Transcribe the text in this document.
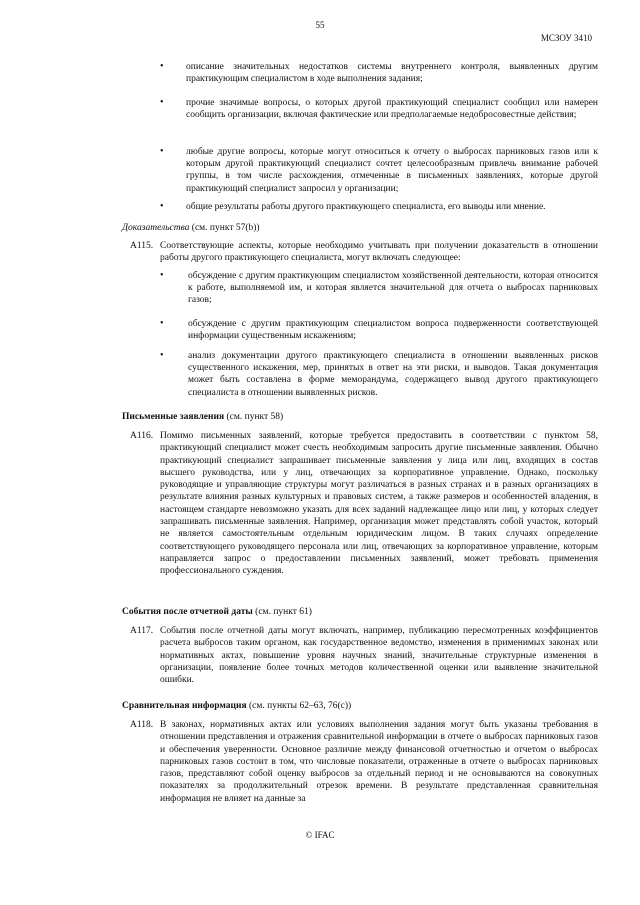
55
МСЗОУ 3410
• описание значительных недостатков системы внутреннего контроля, выявленных другим практикующим специалистом в ходе выполнения задания;
• прочие значимые вопросы, о которых другой практикующий специалист сообщил или намерен сообщить организации, включая фактические или предполагаемые недобросовестные действия;
• любые другие вопросы, которые могут относиться к отчету о выбросах парниковых газов или к которым другой практикующий специалист сочтет целесообразным привлечь внимание рабочей группы, в том числе расхождения, отмеченные в письменных заявлениях, которые другой практикующий специалист запросил у организации;
• общие результаты работы другого практикующего специалиста, его выводы или мнение.
Доказательства (см. пункт 57(b))
A115. Соответствующие аспекты, которые необходимо учитывать при получении доказательств в отношении работы другого практикующего специалиста, могут включать следующее:
• обсуждение с другим практикующим специалистом хозяйственной деятельности, которая относится к работе, выполняемой им, и которая является значительной для отчета о выбросах парниковых газов;
• обсуждение с другим практикующим специалистом вопроса подверженности соответствующей информации существенным искажениям;
• анализ документации другого практикующего специалиста в отношении выявленных рисков существенного искажения, мер, принятых в ответ на эти риски, и выводов. Такая документация может быть составлена в форме меморандума, содержащего вывод другого практикующего специалиста в отношении выявленных рисков.
Письменные заявления (см. пункт 58)
A116. Помимо письменных заявлений, которые требуется предоставить в соответствии с пунктом 58, практикующий специалист может счесть необходимым запросить другие письменные заявления. Обычно практикующий специалист запрашивает письменные заявления у лица или лиц, входящих в состав высшего руководства, или у лиц, отвечающих за корпоративное управление. Однако, поскольку руководящие и управляющие структуры могут различаться в разных странах и в разных организациях в результате влияния разных культурных и правовых систем, а также размеров и особенностей владения, в настоящем стандарте невозможно указать для всех заданий надлежащее лицо или лиц, у которых следует запрашивать письменные заявления. Например, организация может представлять собой участок, который не является самостоятельным отдельным юридическим лицом. В таких случаях определение соответствующего руководящего персонала или лиц, отвечающих за корпоративное управление, которым направляется запрос о предоставлении письменных заявлений, может требовать применения профессионального суждения.
События после отчетной даты (см. пункт 61)
A117. События после отчетной даты могут включать, например, публикацию пересмотренных коэффициентов расчета выбросов таким органом, как государственное ведомство, изменения в применимых законах или нормативных актах, повышение уровня научных знаний, значительные структурные изменения в организации, появление более точных методов количественной оценки или выявление значительной ошибки.
Сравнительная информация (см. пункты 62–63, 76(c))
A118. В законах, нормативных актах или условиях выполнения задания могут быть указаны требования в отношении представления и отражения сравнительной информации в отчете о выбросах парниковых газов и обеспечения уверенности. Основное различие между финансовой отчетностью и отчетом о выбросах парниковых газов состоит в том, что числовые показатели, отраженные в отчете о выбросах парниковых газов, представляют собой оценку выбросов за отдельный период и не основываются на совокупных показателях за продолжительный отрезок времени. В результате представленная сравнительная информация не влияет на данные за
© IFAC
